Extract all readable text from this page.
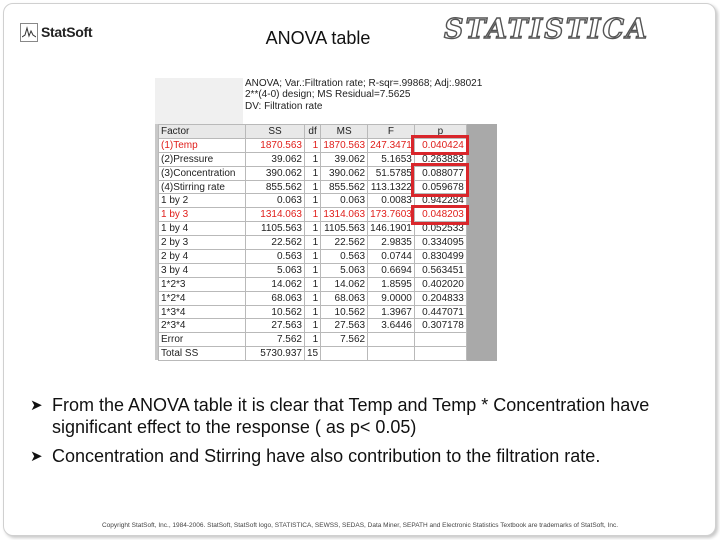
StatSoft	ANOVA table	STATISTICA
ANOVA; Var.:Filtration rate; R-sqr=.99868; Adj:.98021
2**(4-0) design; MS Residual=7.5625
DV: Filtration rate
Factor	SS	df	MS	F	p	
(1)Temp	1870.563	1	1870.563	247.3471	0.040424	
(2)Pressure	39.062	1	39.062	5.1653	0.263883	
(3)Concentration	390.062	1	390.062	51.5785	0.088077	
(4)Stirring rate	855.562	1	855.562	113.1322	0.059678	
1 by 2	0.063	1	0.063	0.0083	0.942284	
1 by 3	1314.063	1	1314.063	173.7603	0.048203	
1 by 4	1105.563	1	1105.563	146.1901	0.052533	
2 by 3	22.562	1	22.562	2.9835	0.334095	
2 by 4	0.563	1	0.563	0.0744	0.830499	
3 by 4	5.063	1	5.063	0.6694	0.563451	
1*2*3	14.062	1	14.062	1.8595	0.402020	
1*2*4	68.063	1	68.063	9.0000	0.204833	
1*3*4	10.562	1	10.562	1.3967	0.447071	
2*3*4	27.563	1	27.563	3.6446	0.307178	
Error	7.562	1	7.562			
Total SS	5730.937	15				
➤ From the ANOVA table it is clear that Temp and Temp * Concentration have significant effect to the response ( as p< 0.05)
➤ Concentration and Stirring have also contribution to the filtration rate.
Copyright StatSoft, Inc., 1984-2006. StatSoft, StatSoft logo, STATISTICA, SEWSS, SEDAS, Data Miner, SEPATH and Electronic Statistics Textbook are trademarks of StatSoft, Inc.
